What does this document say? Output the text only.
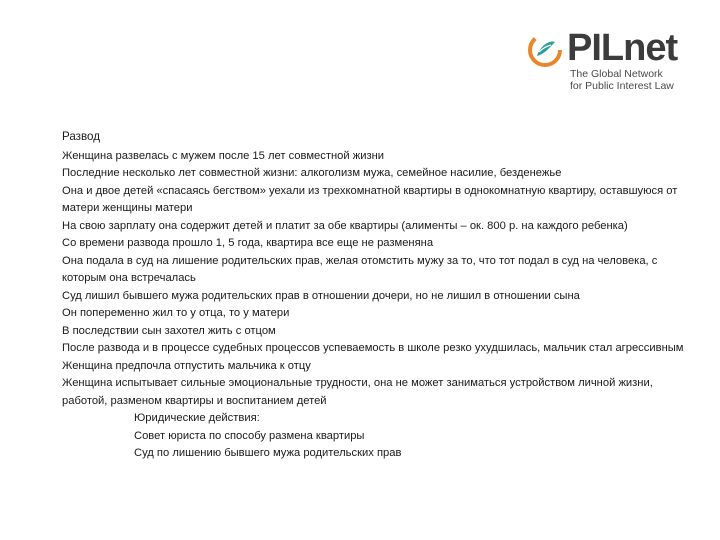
PILnet
The Global Network
for Public Interest Law
Развод
Женщина развелась с мужем после 15 лет совместной жизни
Последние несколько лет совместной жизни: алкоголизм мужа, семейное насилие, безденежье
Она и двое детей «спасаясь бегством» уехали из трехкомнатной квартиры в однокомнатную квартиру, оставшуюся от матери женщины матери
На свою зарплату она содержит детей и платит за обе квартиры (алименты – ок. 800 р. на каждого ребенка)
Со времени развода прошло 1, 5 года, квартира все еще не разменяна
Она подала в суд на лишение родительских прав, желая отомстить мужу за то, что тот подал в суд на человека, с которым она встречалась
Суд лишил бывшего мужа родительских прав в отношении дочери, но не лишил в отношении сына
Он попеременно жил то у отца, то у матери
В последствии сын захотел жить с отцом
После развода и в процессе судебных процессов успеваемость в школе резко ухудшилась, мальчик стал агрессивным
Женщина предпочла отпустить мальчика к отцу
Женщина испытывает сильные эмоциональные трудности, она не может заниматься устройством личной жизни, работой, разменом квартиры и воспитанием детей
Юридические действия:
Совет юриста по способу размена квартиры
Суд по лишению бывшего мужа родительских прав
